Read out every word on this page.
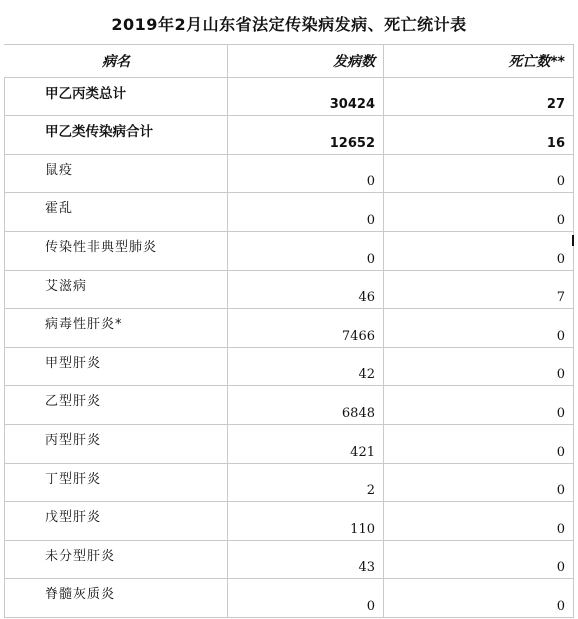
2019年2月山东省法定传染病发病、死亡统计表
病名	发病数	死亡数**

甲乙丙类总计	30424	27

甲乙类传染病合计	12652	16

鼠疫	0	0

霍乱	0	0

传染性非典型肺炎	0	0

艾滋病	46	7

病毒性肝炎*	7466	0

甲型肝炎	42	0

乙型肝炎	6848	0

丙型肝炎	421	0

丁型肝炎	2	0

戊型肝炎	110	0

未分型肝炎	43	0

脊髓灰质炎	0	0
